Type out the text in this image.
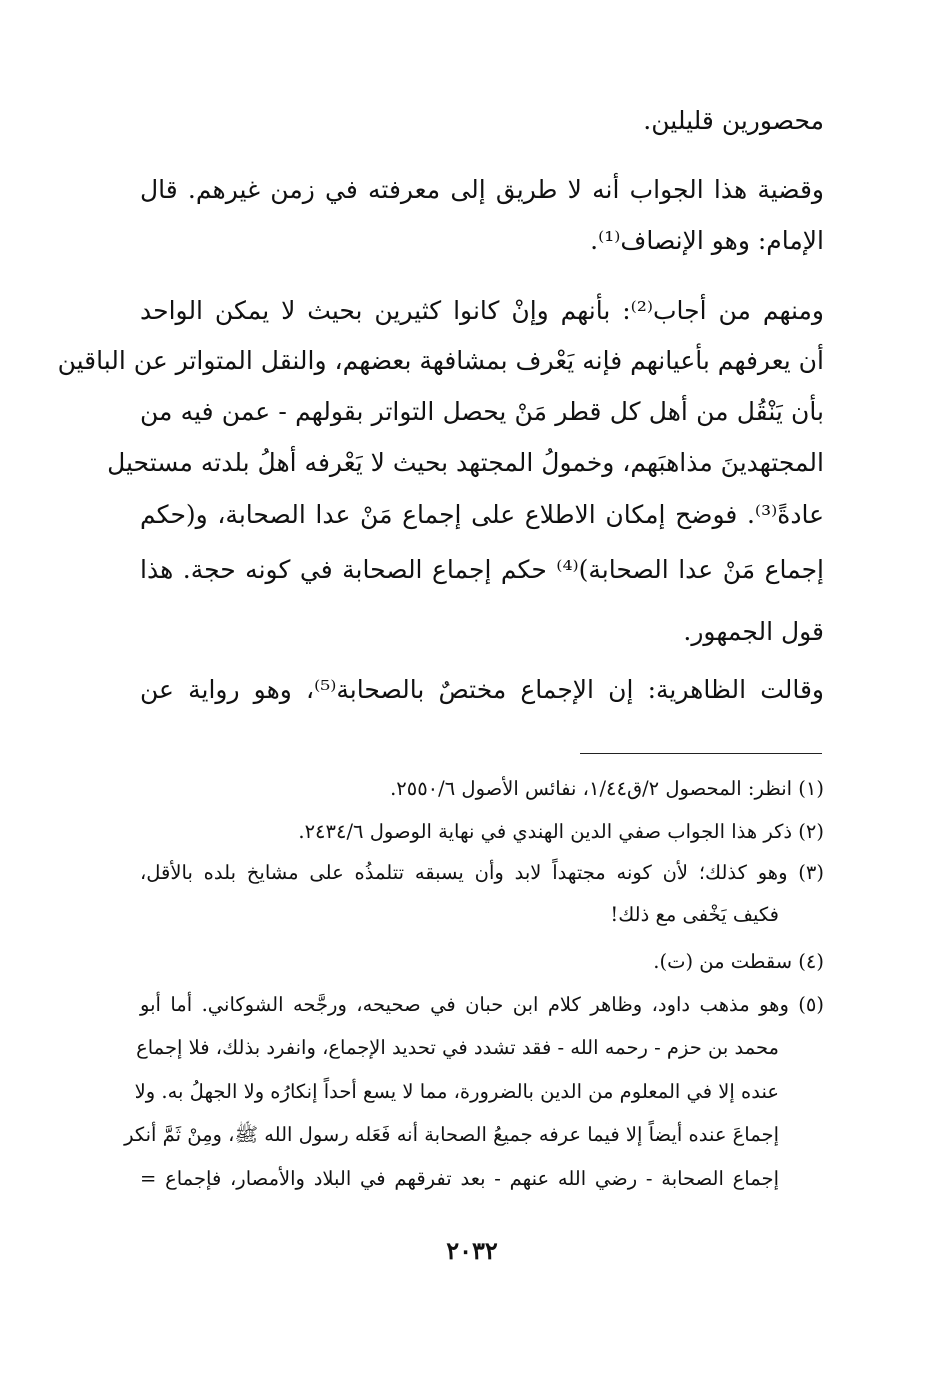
محصورين قليلين.
وقضية هذا الجواب أنه لا طريق إلى معرفته في زمن غيرهم. قال
الإمام: وهو الإنصاف⁽¹⁾.
ومنهم من أجاب⁽²⁾: بأنهم وإنْ كانوا كثيرين بحيث لا يمكن الواحد
أن يعرفهم بأعيانهم فإنه يَعْرف بمشافهة بعضهم، والنقل المتواتر عن الباقين
بأن يَنْقُل من أهل كل قطر مَنْ يحصل التواتر بقولهم - عمن فيه من
المجتهدينَ مذاهبَهم، وخمولُ المجتهد بحيث لا يَعْرفه أهلُ بلدته مستحيل
عادةً⁽³⁾. فوضح إمكان الاطلاع على إجماع مَنْ عدا الصحابة، و(حكم
إجماع مَنْ عدا الصحابة)⁽⁴⁾ حكم إجماع الصحابة في كونه حجة. هذا
قول الجمهور.
وقالت الظاهرية: إن الإجماع مختصٌ بالصحابة⁽⁵⁾، وهو رواية عن
(١) انظر: المحصول ٢/ق١/٤٤، نفائس الأصول ٢٥٥٠/٦.
(٢) ذكر هذا الجواب صفي الدين الهندي في نهاية الوصول ٢٤٣٤/٦.
(٣) وهو كذلك؛ لأن كونه مجتهداً لابد وأن يسبقه تتلمذُه على مشايخ بلده بالأقل،
فكيف يَخْفى مع ذلك!
(٤) سقطت من (ت).
(٥) وهو مذهب داود، وظاهر كلام ابن حبان في صحيحه، ورجَّحه الشوكاني. أما أبو
محمد بن حزم - رحمه الله - فقد تشدد في تحديد الإجماع، وانفرد بذلك، فلا إجماع
عنده إلا في المعلوم من الدين بالضرورة، مما لا يسع أحداً إنكارُه ولا الجهلُ به. ولا
إجماعَ عنده أيضاً إلا فيما عرفه جميعُ الصحابة أنه فَعَله رسول الله ﷺ، ومِنْ ثَمَّ أنكر
إجماع الصحابة - رضي الله عنهم - بعد تفرقهم في البلاد والأمصار، فإجماع =
٢٠٣٢
